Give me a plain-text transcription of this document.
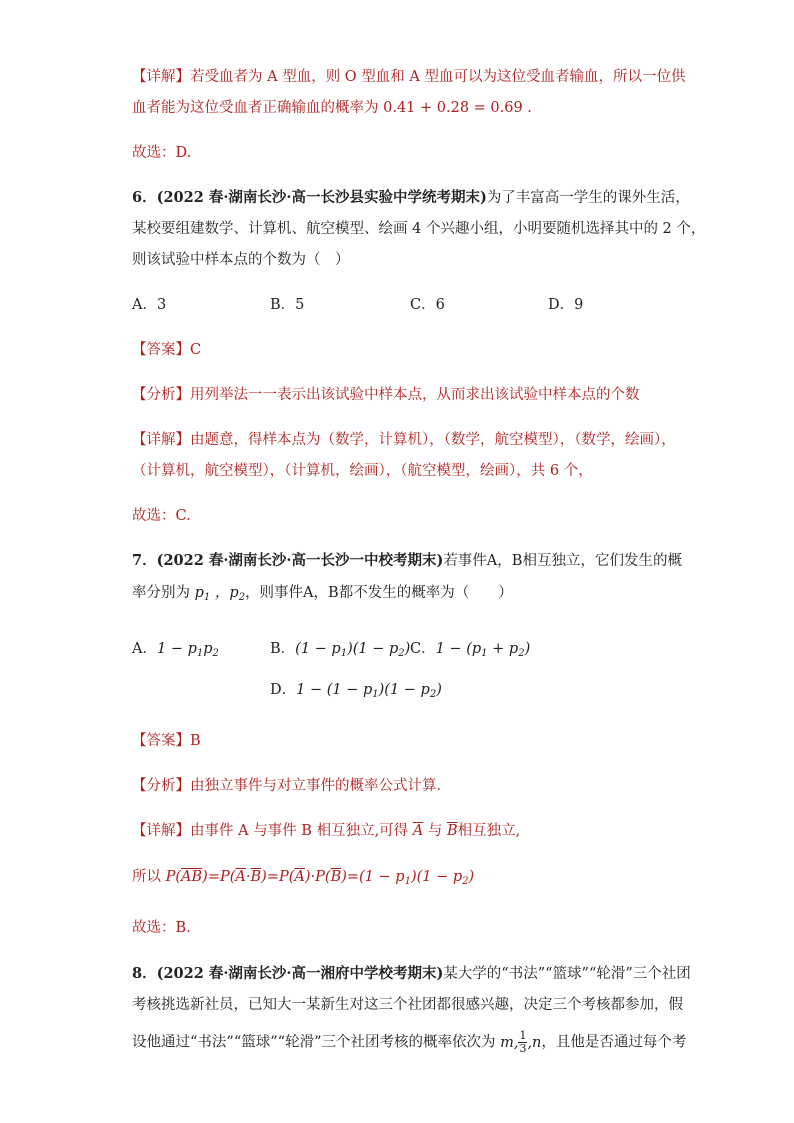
【详解】若受血者为 A 型血，则 O 型血和 A 型血可以为这位受血者输血，所以一位供
血者能为这位受血者正确输血的概率为 0.41 + 0.28 = 0.69 .
故选：D.
6．(2022 春·湖南长沙·高一长沙县实验中学统考期末)为了丰富高一学生的课外生活，
某校要组建数学、计算机、航空模型、绘画 4 个兴趣小组，小明要随机选择其中的 2 个，
则该试验中样本点的个数为（　）
A．3	B．5	C．6	D．9
【答案】C
【分析】用列举法一一表示出该试验中样本点，从而求出该试验中样本点的个数
【详解】由题意，得样本点为（数学，计算机），（数学，航空模型），（数学，绘画），
（计算机，航空模型），（计算机，绘画），（航空模型，绘画），共 6 个，
故选：C.
7．(2022 春·湖南长沙·高一长沙一中校考期末)若事件A，B相互独立，它们发生的概
率分别为 $p_1$ ，$p_2$，则事件A，B都不发生的概率为（　　）
A．$1 - p_1p_2$	B．$(1 - p_1)(1 - p_2)$ C．$1 - (p_1 + p_2)$
D．$1 - (1 - p_1)(1 - p_2)$
【答案】B
【分析】由独立事件与对立事件的概率公式计算．
【详解】由事件 A 与事件 B 相互独立,可得 $\overline{A}$ 与 $\overline{B}$相互独立,
所以 $P(\overline{AB})=P(\overline{A}\cdot\overline{B})=P(\overline{A})\cdot P(\overline{B})=(1 - p_1)(1 - p_2)$
故选：B.
8．(2022 春·湖南长沙·高一湘府中学校考期末)某大学的“书法”“篮球”“轮滑”三个社团
考核挑选新社员，已知大一某新生对这三个社团都很感兴趣，决定三个考核都参加，假
设他通过“书法”“篮球”“轮滑”三个社团考核的概率依次为 m, $\frac{1}{3} ,n$，且他是否通过每个考
